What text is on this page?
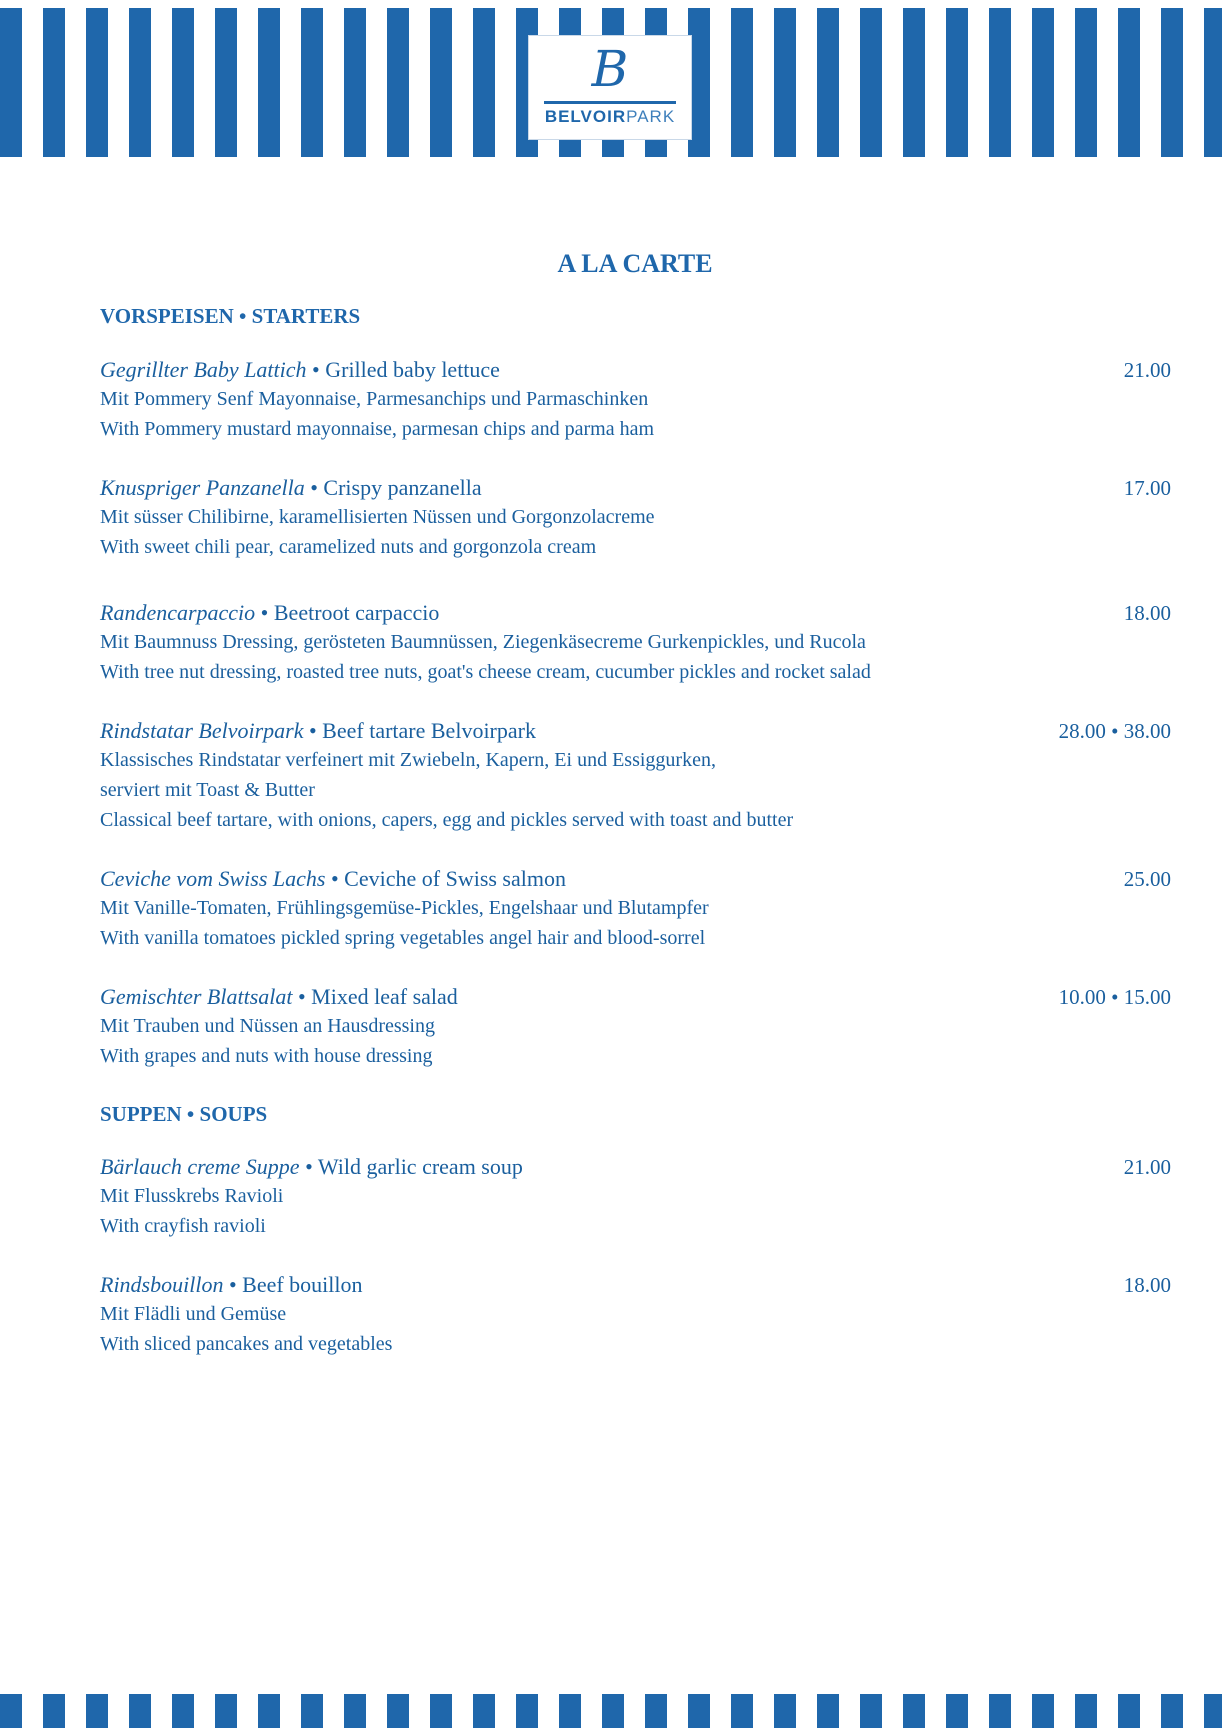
B
BELVOIRPARK
A LA CARTE
VORSPEISEN • STARTERS
Gegrillter Baby Lattich • Grilled baby lettuce	21.00
Mit Pommery Senf Mayonnaise, Parmesanchips und Parmaschinken
With Pommery mustard mayonnaise, parmesan chips and parma ham
Knuspriger Panzanella • Crispy panzanella	17.00
Mit süsser Chilibirne, karamellisierten Nüssen und Gorgonzolacreme
With sweet chili pear, caramelized nuts and gorgonzola cream
Randencarpaccio • Beetroot carpaccio	18.00
Mit Baumnuss Dressing, gerösteten Baumnüssen, Ziegenkäsecreme Gurkenpickles, und Rucola
With tree nut dressing, roasted tree nuts, goat's cheese cream, cucumber pickles and rocket salad
Rindstatar Belvoirpark • Beef tartare Belvoirpark	28.00 • 38.00
Klassisches Rindstatar verfeinert mit Zwiebeln, Kapern, Ei und Essiggurken,
serviert mit Toast & Butter
Classical beef tartare, with onions, capers, egg and pickles served with toast and butter
Ceviche vom Swiss Lachs • Ceviche of Swiss salmon	25.00
Mit Vanille-Tomaten, Frühlingsgemüse-Pickles, Engelshaar und Blutampfer
With vanilla tomatoes pickled spring vegetables angel hair and blood-sorrel
Gemischter Blattsalat • Mixed leaf salad	10.00 • 15.00
Mit Trauben und Nüssen an Hausdressing
With grapes and nuts with house dressing
SUPPEN • SOUPS
Bärlauch creme Suppe • Wild garlic cream soup	21.00
Mit Flusskrebs Ravioli
With crayfish ravioli
Rindsbouillon • Beef bouillon	18.00
Mit Flädli und Gemüse
With sliced pancakes and vegetables
